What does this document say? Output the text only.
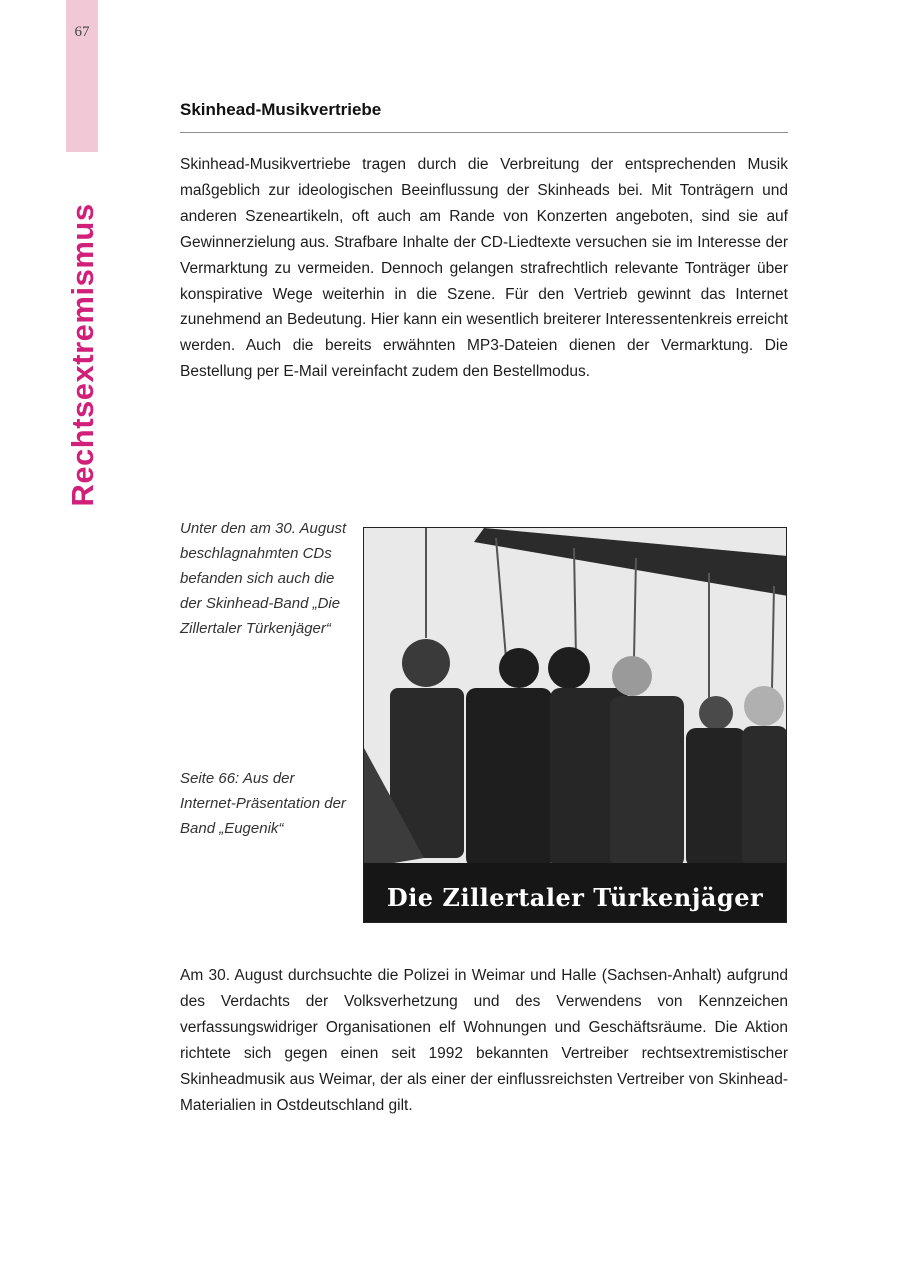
67
Rechtsextremismus
Skinhead-Musikvertriebe
Skinhead-Musikvertriebe tragen durch die Verbreitung der entsprechenden Musik maßgeblich zur ideologischen Beeinflussung der Skinheads bei. Mit Tonträgern und anderen Szeneartikeln, oft auch am Rande von Konzerten angeboten, sind sie auf Gewinnerzielung aus. Strafbare Inhalte der CD-Liedtexte versuchen sie im Interesse der Vermarktung zu vermeiden. Dennoch gelangen strafrechtlich relevante Tonträger über konspirative Wege weiterhin in die Szene. Für den Vertrieb gewinnt das Internet zunehmend an Bedeutung. Hier kann ein wesentlich breiterer Interessentenkreis erreicht werden. Auch die bereits erwähnten MP3-Dateien dienen der Vermarktung. Die Bestellung per E-Mail vereinfacht zudem den Bestellmodus.
Unter den am 30. August beschlagnahmten CDs befanden sich auch die der Skinhead-Band „Die Zillertaler Türkenjäger“
Seite 66: Aus der Internet-Präsentation der Band „Eugenik“
Die Zillertaler Türkenjäger
Am 30. August durchsuchte die Polizei in Weimar und Halle (Sachsen-Anhalt) aufgrund des Verdachts der Volksverhetzung und des Verwendens von Kennzeichen verfassungswidriger Organisationen elf Wohnungen und Geschäftsräume. Die Aktion richtete sich gegen einen seit 1992 bekannten Vertreiber rechtsextremistischer Skinheadmusik aus Weimar, der als einer der einflussreichsten Vertreiber von Skinhead-Materialien in Ostdeutschland gilt.
